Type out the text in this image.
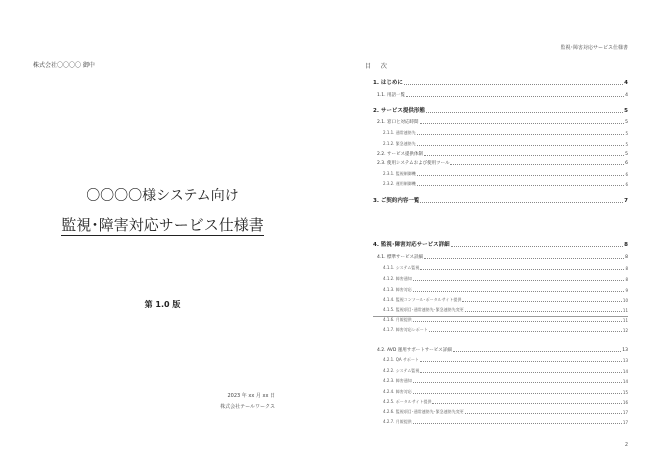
株式会社〇〇〇〇 御中
〇〇〇〇様システム向け
監視･障害対応サービス仕様書
第 1.0 版
2023 年 xx 月 xx 日
株式会社テールワークス
監視･障害対応サービス仕様書
目 次
1. はじめに	4
1.1. 用語一覧	4
2. サービス提供形態	5
2.1. 窓口と対応時間	5
2.1.1. 通常連絡先	5
2.1.2. 緊急連絡先	5
2.2. サービス提供体制	5
2.3. 使用システムおよび使用ツール	6
2.3.1. 監視制御機	6
2.3.2. 運用制御機	6
3. ご契約内容一覧	7
4. 監視･障害対応サービス詳細	8
4.1. 標準サービス詳細	8
4.1.1. システム監視	8
4.1.2. 障害通知	8
4.1.3. 障害対応	9
4.1.4. 監視コンソール･ポータルサイト提供	10
4.1.5. 監視項目･通常連絡先･緊急連絡先変更	11
4.1.6. 月報提供	11
4.1.7. 障害対応レポート	12
4.2. AVD 運用サポートサービス詳細	13
4.2.1. QA サポート	13
4.2.2. システム監視	14
4.2.3. 障害通知	14
4.2.4. 障害対応	15
4.2.5. ポータルサイト提供	16
4.2.6. 監視項目･通常連絡先･緊急連絡先変更	17
4.2.7. 月報提供	17
2
